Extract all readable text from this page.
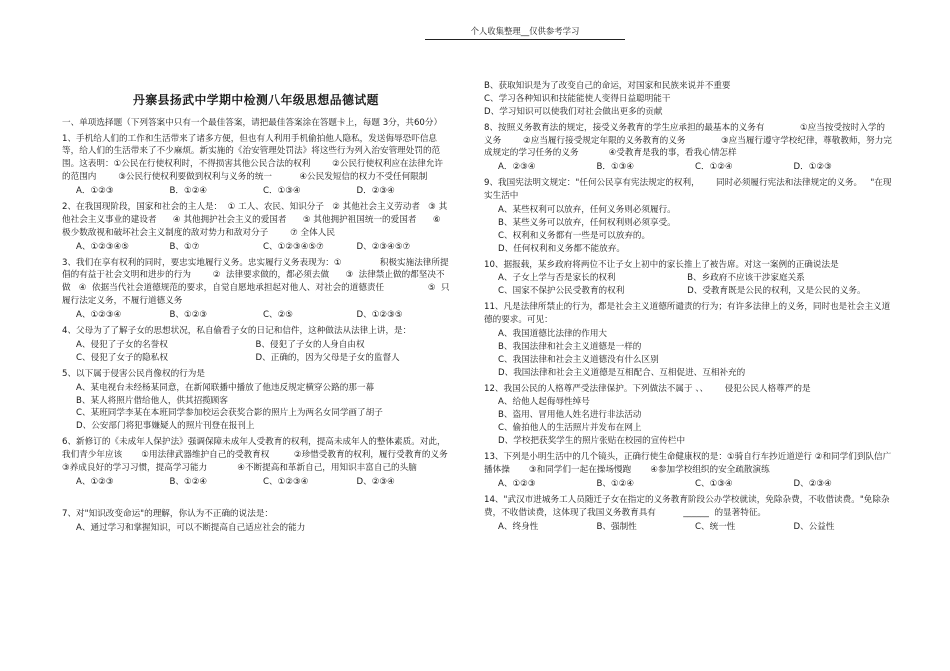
个人收集整理__仅供参考学习
丹寨县扬武中学期中检测八年级思想品德试题
一、单项选择题（下列答案中只有一个最佳答案，请把最佳答案涂在答题卡上，每题 3分，共60分）
1、手机给人们的工作和生活带来了诸多方便，但也有人利用手机偷拍他人隐私，发送侮辱恐吓信息等，给人们的生活带来了不少麻烦。新实施的《治安管理处罚法》将这些行为列入治安管理处罚的范围。这表明：①公民在行使权利时，不得损害其他公民合法的权利        ②公民行使权利应在法律允许的范围内        ③公民行使权利要做到权利与义务的统一          ④公民发短信的权力不受任何限制
A．①②③	B．①②④	C．①③④	D．②③④
2、在我国现阶段，国家和社会的主人是：  ① 工人、农民、知识分子   ② 其他社会主义劳动者   ③ 其他社会主义事业的建设者      ④ 其他拥护社会主义的爱国者      ⑤ 其他拥护祖国统一的爱国者      ⑥ 极少数敌视和破坏社会主义制度的敌对势力和敌对分子        ⑦ 全体人民
A、①②③④⑤	B、①⑦	C、①②③④⑤⑦	D、②③④⑤⑦
3、我们在享有权利的同时，要忠实地履行义务。忠实履行义务表现为：①              积极实施法律所提倡的有益于社会文明和进步的行为        ②  法律要求做的，都必须去做      ③  法律禁止做的都坚决不做   ④  依据当代社会道德规范的要求，自觉自愿地承担起对他人、对社会的道德责任                ⑤  只履行法定义务，不履行道德义务
A、①②③④	B、①②③	C、②⑤	D、①②③⑤
4、父母为了了解子女的思想状况，私自偷看子女的日记和信件，这种做法从法律上讲，是：
A、侵犯了子女的名誉权	B、侵犯了子女的人身自由权
C、侵犯了女子的隐私权	D、正确的，因为父母是子女的监督人
5、以下属于侵害公民肖像权的行为是
A、某电视台未经杨某同意，在新闻联播中播放了他违反规定横穿公路的那一幕
B、某人将照片借给他人，供其招揽顾客
C、某班同学李某在本班同学参加校运会获奖合影的照片上为两名女同学画了胡子
D、公安部门将犯事嫌疑人的照片刊登在报刊上
6、新修订的《未成年人保护法》强调保障未成年人受教育的权利，提高未成年人的整体素质。对此，我们青少年应该       ①用法律武器维护自己的受教育权         ②珍惜受教育的权利，履行受教育的义务   ③养成良好的学习习惯，提高学习能力           ④不断提高和革新自己，用知识丰富自己的头脑
A、①②③	B、①②④	C、①②③④	D、②③④
7、对"知识改变命运"的理解，你认为不正确的说法是：
A、通过学习和掌握知识，可以不断提高自己适应社会的能力
B、获取知识是为了改变自己的命运，对国家和民族来说并不重要
C、学习各种知识和技能能使人变得日益聪明能干
D、学习知识可以使我们对社会做出更多的贡献
8、按照义务教育法的规定，接受义务教育的学生应承担的最基本的义务有             ①应当按受按时入学的义务        ②应当履行接受规定年限的义务教育的义务             ③应当履行遵守学校纪律，尊敬教师，努力完成规定的学习任务的义务           ④受教育是我的事，看我心情怎样
A．②③④	B．①③④	C．①②④	D．①②③
9、我国宪法明文规定："任何公民享有宪法规定的权利，      同时必须履行宪法和法律规定的义务。   "在现实生活中
A、某些权利可以放弃，任何义务则必须履行。
B、某些义务可以放弃，任何权利则必须享受。
C、权利和义务都有一些是可以放弃的。
D、任何权利和义务都不能放弃。
10、据报载，某乡政府将两位不让子女上初中的家长推上了被告席。对这一案例的正确说法是
A、子女上学与否是家长的权利	B、乡政府不应该干涉家庭关系
C、国家不保护公民受教育的权利	D、受教育既是公民的权利，又是公民的义务。
11、凡是法律所禁止的行为，都是社会主义道德所谴责的行为；有许多法律上的义务，同时也是社会主义道德的要求。可见：
A、我国道德比法律的作用大
B、我国法律和社会主义道德是一样的
C、我国法律和社会主义道德没有什么区别
D、我国法律和社会主义道德是互相配合、互相促进、互相补充的
12、我国公民的人格尊严受法律保护。下列做法不属于 、、      侵犯公民人格尊严的是
A、给他人起侮辱性绰号
B、盗用、冒用他人姓名进行非法活动
C、偷拍他人的生活照片并发布在网上
D、学校把获奖学生的照片张贴在校园的宣传栏中
13、下列是小明生活中的几个镜头，正确行使生命健康权的是：①骑自行车抄近道逆行 ②和同学们到队信广播体操       ③和同学们一起在操场慢跑       ④参加学校组织的安全疏散演练
A、①②③	B、①②④	C、①③④	D、②③④
14、"武汉市进城务工人员随迁子女在指定的义务教育阶段公办学校就读，免除杂费，不收借读费。"免除杂费，不收借读费，这体现了我国义务教育具有          ______  的显著特征。
A、终身性	B、强制性	C、统一性	D、公益性
